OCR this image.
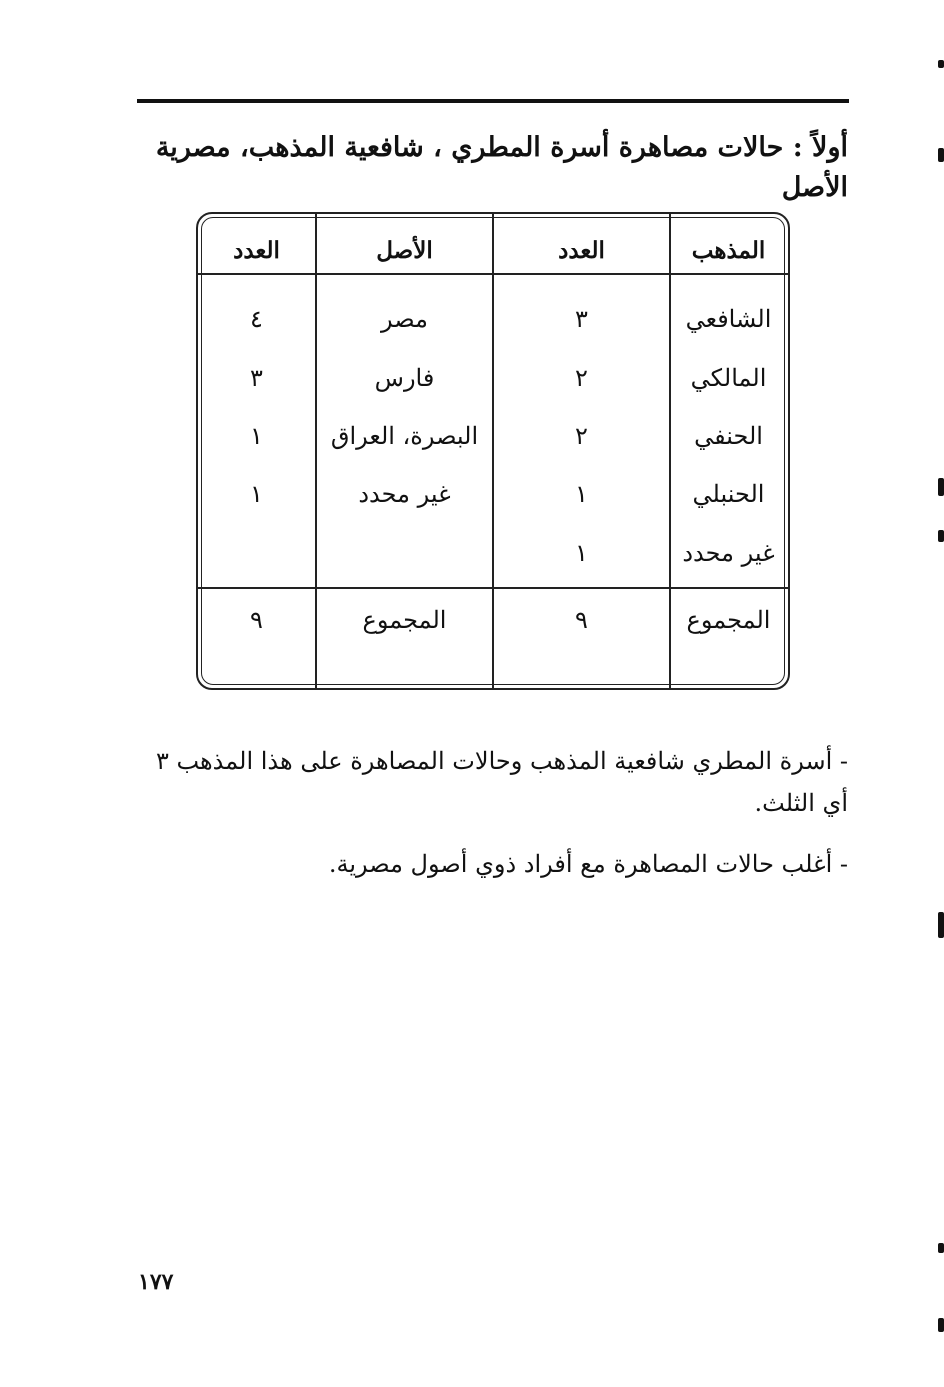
أولاً : حالات مصاهرة أسرة المطري ، شافعية المذهب، مصرية الأصل
المذهب
العدد
الأصل
العدد
الشافعي
٣
مصر
٤
المالكي
٢
فارس
٣
الحنفي
٢
البصرة، العراق
١
الحنبلي
١
غير محدد
١
غير محدد
١
المجموع
٩
المجموع
٩
- أسرة المطري شافعية المذهب وحالات المصاهرة على هذا المذهب ٣ أي الثلث.
- أغلب حالات المصاهرة مع أفراد ذوي أصول مصرية.
١٧٧
